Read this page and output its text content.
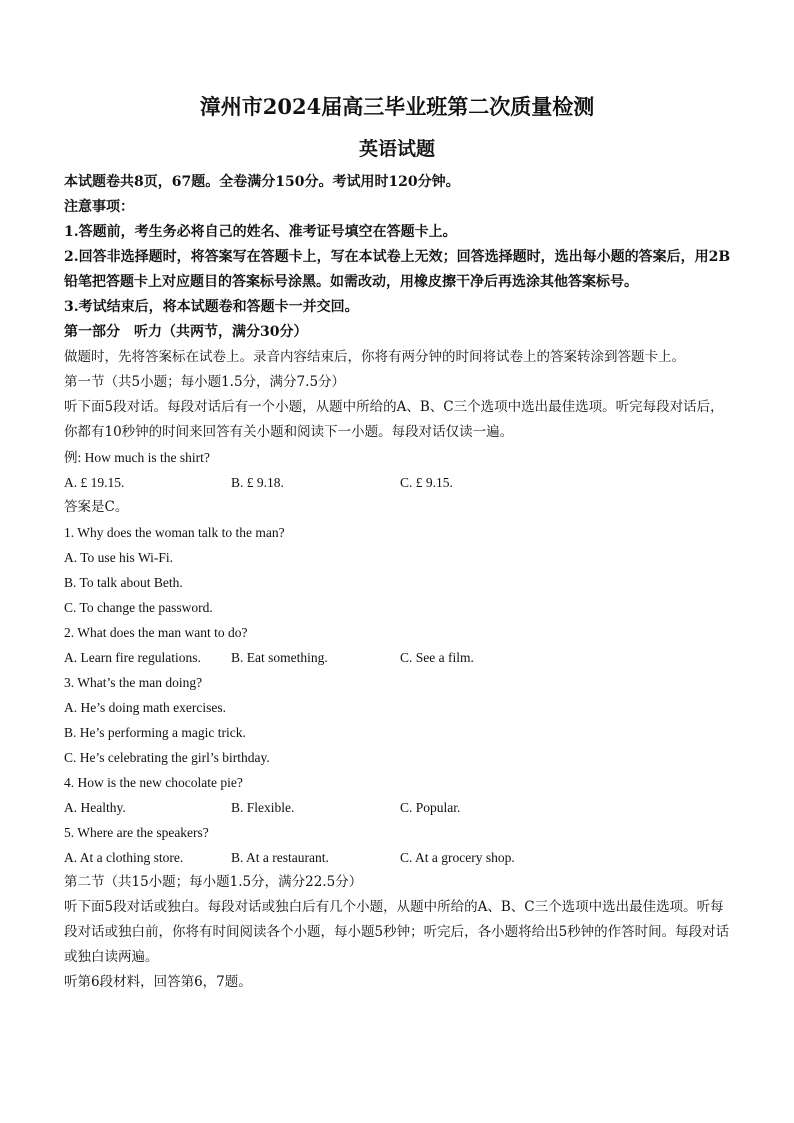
漳州市2024届高三毕业班第二次质量检测
英语试题
本试题卷共8页，67题。全卷满分150分。考试用时120分钟。
注意事项：
1.答题前，考生务必将自己的姓名、准考证号填空在答题卡上。
2.回答非选择题时，将答案写在答题卡上，写在本试卷上无效；回答选择题时，选出每小题的答案后，用2B铅笔把答题卡上对应题目的答案标号涂黑。如需改动，用橡皮擦干净后再选涂其他答案标号。
3.考试结束后，将本试题卷和答题卡一并交回。
第一部分　听力（共两节，满分30分）
做题时，先将答案标在试卷上。录音内容结束后，你将有两分钟的时间将试卷上的答案转涂到答题卡上。
第一节（共5小题；每小题1.5分，满分7.5分）
听下面5段对话。每段对话后有一个小题，从题中所给的A、B、C三个选项中选出最佳选项。听完每段对话后，你都有10秒钟的时间来回答有关小题和阅读下一小题。每段对话仅读一遍。
例: How much is the shirt?
A. £ 19.15.	B. £ 9.18.	C. £ 9.15.
答案是C。
1. Why does the woman talk to the man?
A. To use his Wi-Fi.
B. To talk about Beth.
C. To change the password.
2. What does the man want to do?
A. Learn fire regulations.	B. Eat something.	C. See a film.
3. What’s the man doing?
A. He’s doing math exercises.
B. He’s performing a magic trick.
C. He’s celebrating the girl’s birthday.
4. How is the new chocolate pie?
A. Healthy.	B. Flexible.	C. Popular.
5. Where are the speakers?
A. At a clothing store.	B. At a restaurant.	C. At a grocery shop.
第二节（共15小题；每小题1.5分，满分22.5分）
听下面5段对话或独白。每段对话或独白后有几个小题，从题中所给的A、B、C三个选项中选出最佳选项。听每段对话或独白前，你将有时间阅读各个小题，每小题5秒钟；听完后，各小题将给出5秒钟的作答时间。每段对话或独白读两遍。
听第6段材料，回答第6，7题。
